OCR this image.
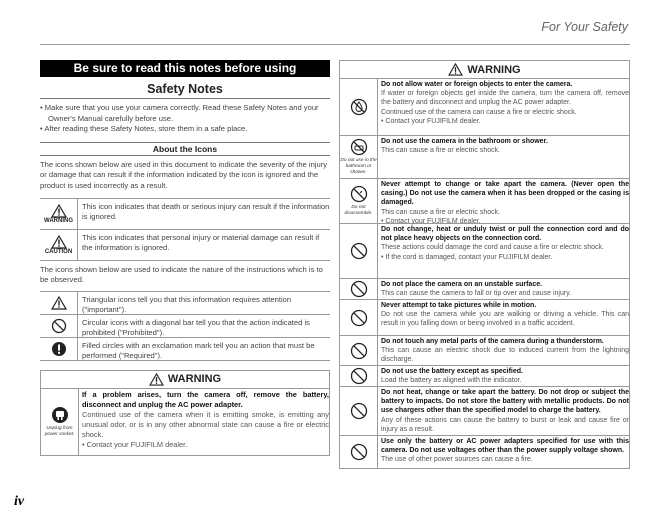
For Your Safety
Be sure to read this notes before using
Safety Notes
• Make sure that you use your camera correctly. Read these Safety Notes and your Owner's Manual carefully before use.
• After reading these Safety Notes, store them in a safe place.
About the Icons

The icons shown below are used in this document to indicate the severity of the injury or damage that can result if the information indicated by the icon is ignored and the product is used incorrectly as a result.

WARNING
This icon indicates that death or serious injury can result if the information is ignored.
CAUTION
This icon indicates that personal injury or material damage can result if the information is ignored.

The icons shown below are used to indicate the nature of the instructions which is to be observed.

Triangular icons tell you that this information requires attention ("important").
Circular icons with a diagonal bar tell you that the action indicated is prohibited ("Prohibited").
Filled circles with an exclamation mark tell you an action that must be performed ("Required").
WARNING
Unplug from power socket.
If a problem arises, turn the camera off, remove the battery, disconnect and unplug the AC power adapter.
Continued use of the camera when it is emitting smoke, is emitting any unusual odor, or is in any other abnormal state can cause a fire or electric shock.
• Contact your FUJIFILM dealer.
WARNING
Do not allow water or foreign objects to enter the camera.
If water or foreign objects get inside the camera, turn the camera off, remove the battery and disconnect and unplug the AC power adapter.
Continued use of the camera can cause a fire or electric shock.
• Contact your FUJIFILM dealer.
Do not use in the bathroom or shower.
Do not use the camera in the bathroom or shower.
This can cause a fire or electric shock.
Do not disassemble.
Never attempt to change or take apart the camera. (Never open the casing.) Do not use the camera when it has been dropped or the casing is damaged.
This can cause a fire or electric shock.
• Contact your FUJIFILM dealer.
Do not change, heat or unduly twist or pull the connection cord and do not place heavy objects on the connection cord.
These actions could damage the cord and cause a fire or electric shock.
• If the cord is damaged, contact your FUJIFILM dealer.
Do not place the camera on an unstable surface.
This can cause the camera to fall or tip over and cause injury.
Never attempt to take pictures while in motion.
Do not use the camera while you are walking or driving a vehicle. This can result in you falling down or being involved in a traffic accident.
Do not touch any metal parts of the camera during a thunderstorm.
This can cause an electric shock due to induced current from the lightning discharge.
Do not use the battery except as specified.
Load the battery as aligned with the indicator.
Do not heat, change or take apart the battery. Do not drop or subject the battery to impacts. Do not store the battery with metallic products. Do not use chargers other than the specified model to charge the battery.
Any of these actions can cause the battery to burst or leak and cause fire or injury as a result.
Use only the battery or AC power adapters specified for use with this camera. Do not use voltages other than the power supply voltage shown.
The use of other power sources can cause a fire.
iv
